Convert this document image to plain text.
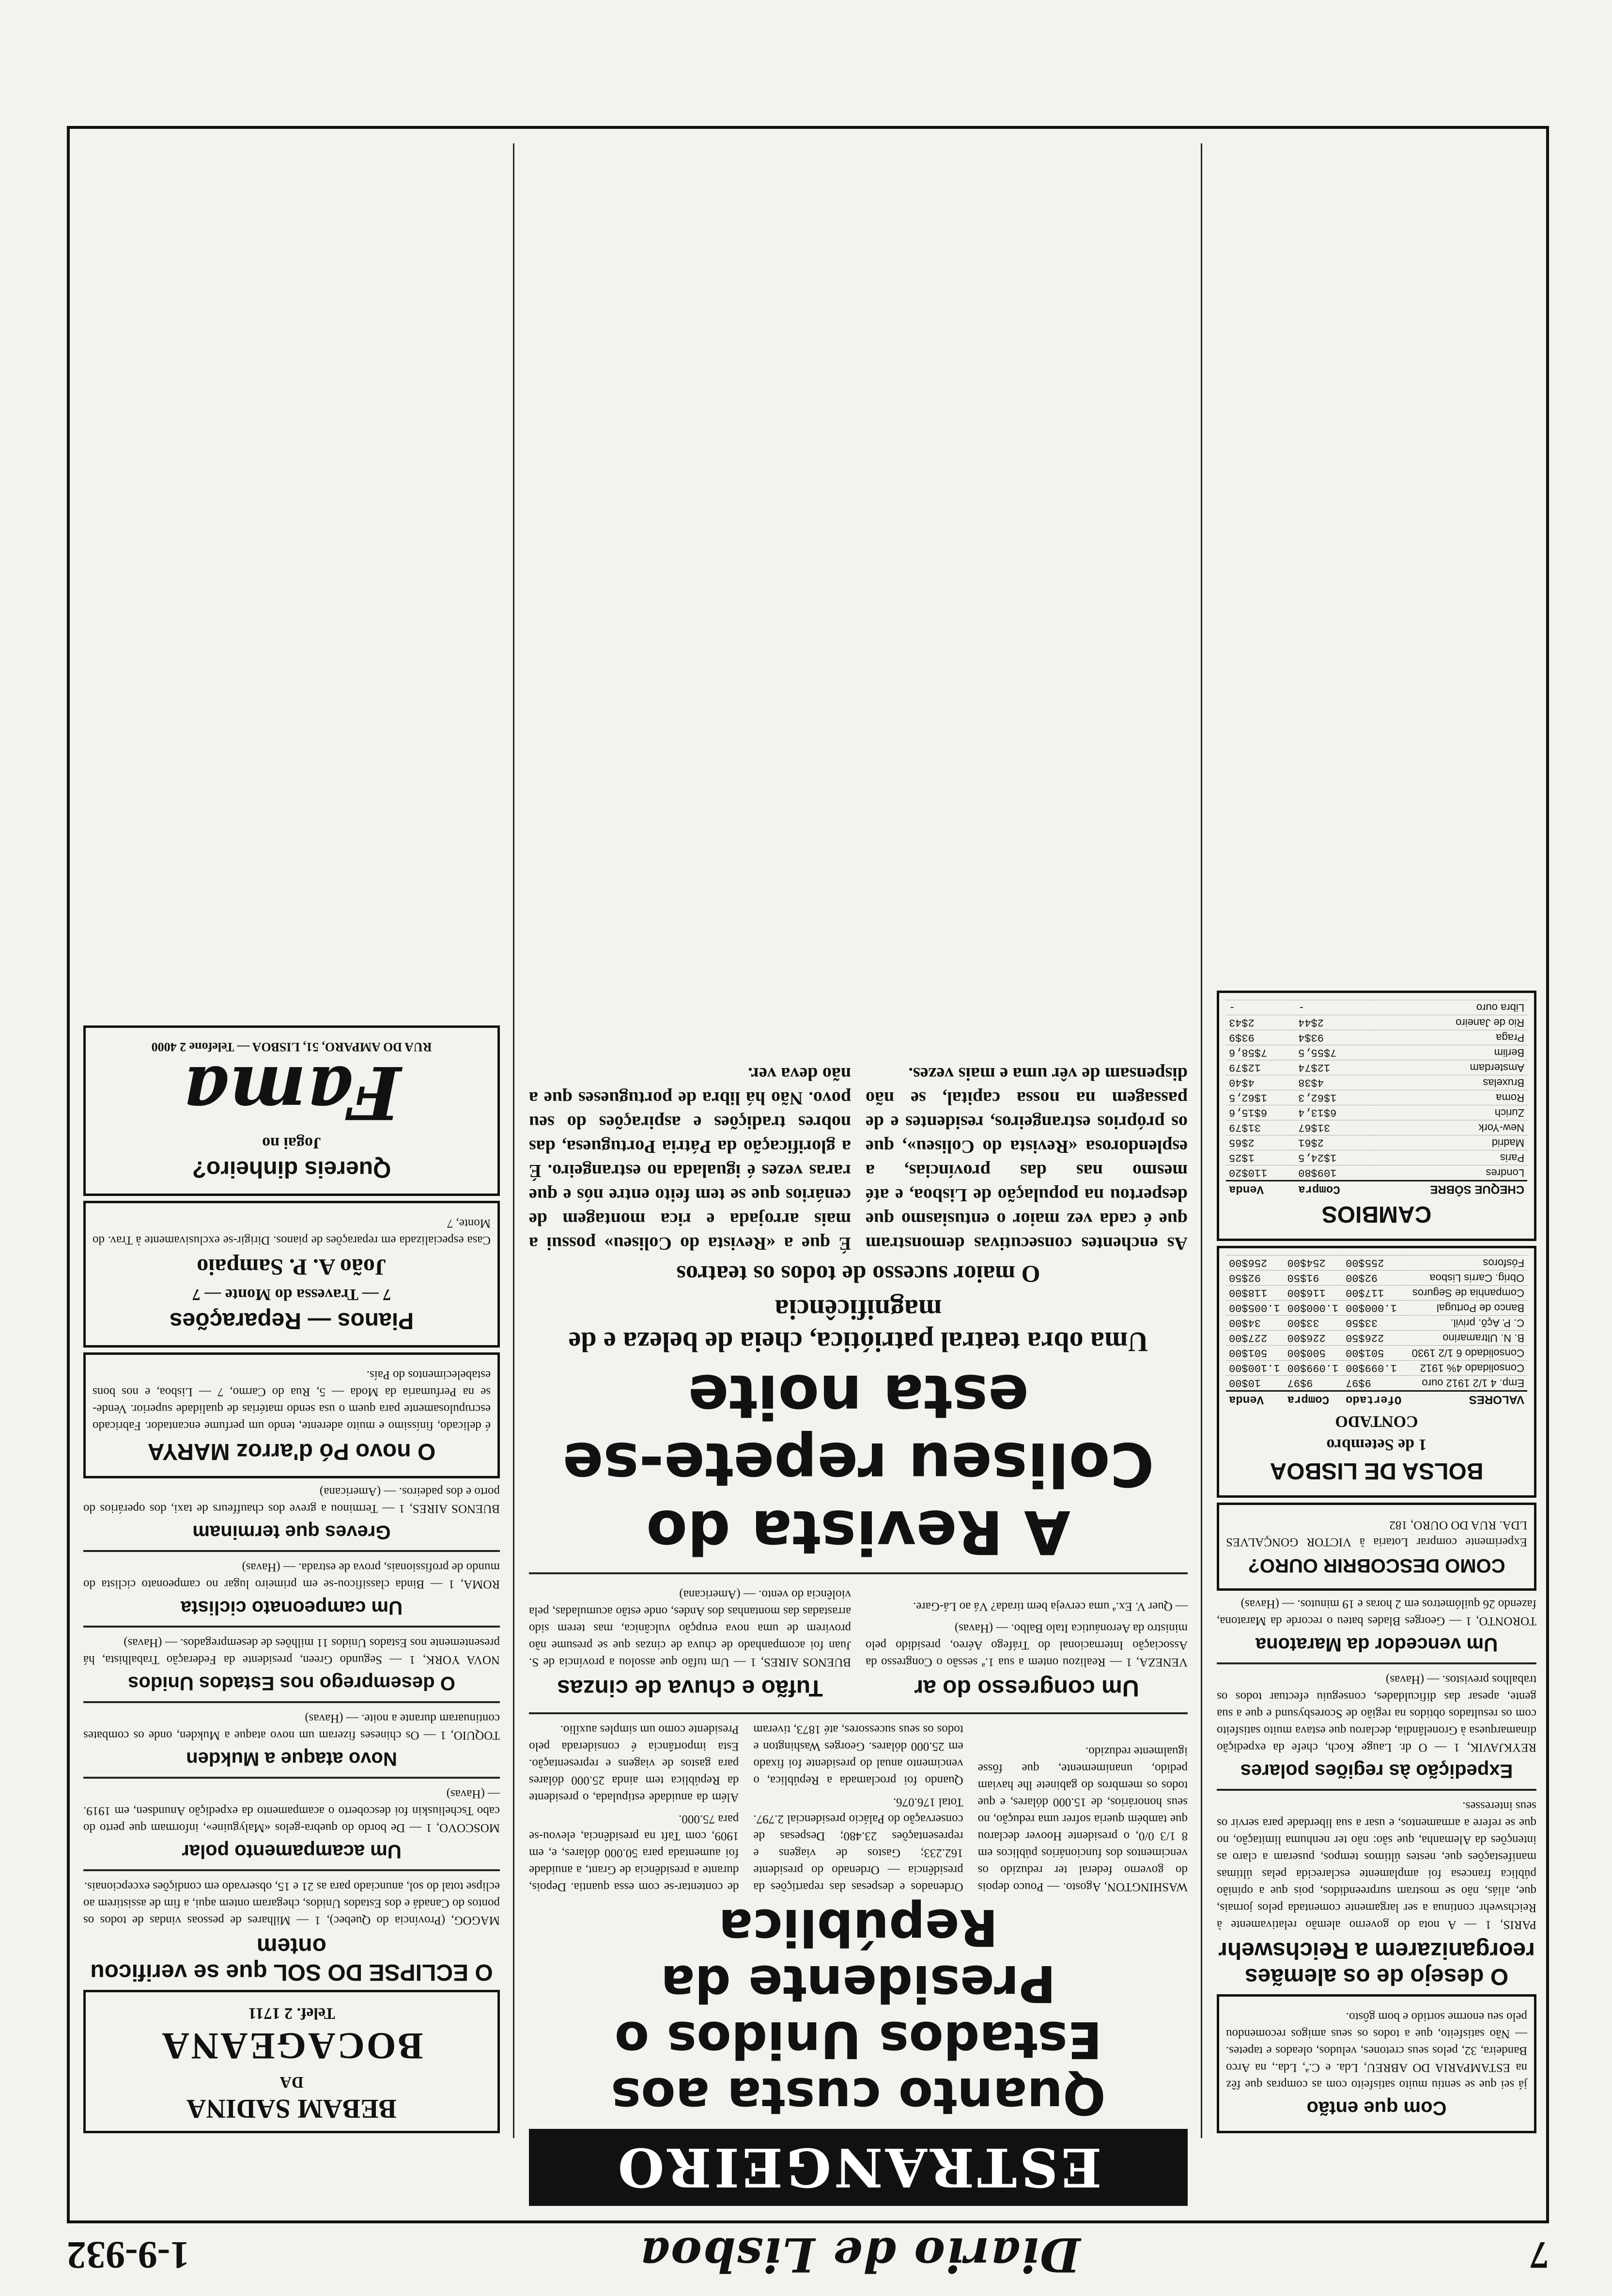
7
Diario de Lisboa
1-9-932
Com que então

já sei que se sentiu muito satisfeito com as compras que fêz na ESTAMPARIA DO ABREU, Lda. e C.ª, Lda., na Arco Bandeira, 32, pelos seus cretones, veludos, oleados e tapetes. — Não satisfeito, que a todos os seus amigos recomendou pelo seu enorme sortido e bom gôsto.

O desejo de os alemães reorganizarem a Reichswehr

PARIS, 1 — A nota do governo alemão relativamente à Reichswehr continua a ser largamente comentada pelos jornais, que, aliás, não se mostram surpreendidos, pois que a opinião pública francesa foi amplamente esclarecida pelas últimas manifestações que, nestes últimos tempos, puseram a claro as intenções da Alemanha, que são: não ter nenhuma limitação, no que se refere a armamentos, e usar a sua liberdade para servir os seus interesses.

Expedição às regiões polares

REYKJAVIK, 1 — O dr. Lauge Koch, chefe da expedição dinamarquesa à Gronelândia, declarou que estava muito satisfeito com os resultados obtidos na região de Scoresbysund e que a sua gente, apesar das dificuldades, conseguiu efectuar todos os trabalhos previstos. — (Havas)

Um vencedor da Maratona

TORONTO, 1 — Georges Blades bateu o recorde da Maratona, fazendo 26 quilómetros em 2 horas e 19 minutos. — (Havas)

COMO DESCOBRIR OURO?

Experimente comprar Lotaria à VICTOR GONÇALVES LDA. RUA DO OURO, 182

BOLSA DE LISBOA
1 de Setembro
CONTADO
VALORES	Ofertado	Compra	Venda
Emp. 4 1/2 1912 ouro	9$97	9$97	10$00
Consolidado 4% 1912	1.099$00	1.099$00	1.100$00
Consolidado 6 1/2 1930	501$00	500$00	501$00
B. N. Ultramarino	226$50	226$00	227$00
C. P. Açõ. privil.	33$50	33$00	34$00
Banco de Portugal	1.000$00	1.000$00	1.005$00
Companhia de Seguros	117$00	116$00	118$00
Obrig. Carris Lisboa	92$00	91$50	92$50
Fósforos	255$00	254$00	256$00
CAMBIOS
CHEQUE SÔBRE	Compra	Venda
Londres	109$80	110$20
Paris	1$24,5	1$25
Madrid	2$61	2$65
New-York	31$67	31$79
Zurich	6$13,4	6$15,6
Roma	1$62,3	1$62,5
Bruxelas	4$38	4$40
Amsterdam	12$74	12$79
Berlim	7$55,5	7$58,6
Praga	93$4	93$9
Rio de Janeiro	2$44	2$43
Libra ouro	-	-
ESTRANGEIRO
Quanto custa aos Estados Unidos o Presidente da República

WASHINGTON, Agosto. — Pouco depois do governo federal ter reduzido os vencimentos dos funcionários públicos em 8 1/3 0/0, o presidente Hoover declarou que também queria sofrer uma redução, no seus honorários, de 15.000 dólares, e que todos os membros do gabinete lhe haviam pedido, unanimemente, que fôsse igualmente reduzido.

Ordenados e despesas das repartições da presidência — Ordenado do presidente 162.233; Gastos de viagens e representações 23.480; Despesas de conservação do Palácio presidencial 2.797. Total 176.076.

Quando foi proclamada a República, o vencimento anual do presidente foi fixado em 25.000 dólares. Georges Washington e todos os seus sucessores, até 1873, tiveram de contentar-se com essa quantia. Depois, durante a presidência de Grant, a anuidade foi aumentada para 50.000 dólares, e, em 1909, com Taft na presidência, elevou-se para 75.000.

Além da anuidade estipulada, o presidente da República tem ainda 25.000 dólares para gastos de viagens e representação. Esta importância é considerada pelo Presidente como um simples auxílio.

Um congresso do ar

VENEZA, 1 — Realizou ontem a sua 1.ª sessão o Congresso da Associação Internacional do Tráfego Aéreo, presidido pelo ministro da Aeronáutica Italo Balbo. — (Havas)

— Quer V. Ex.ª uma cerveja bem tirada? Vá ao Lá-Gare.

Tufão e chuva de cinzas

BUENOS AIRES, 1 — Um tufão que assolou a província de S. Juan foi acompanhado de chuva de cinzas que se presume não provirem de uma nova erupção vulcânica, mas terem sido arrastadas das montanhas dos Andes, onde estão acumuladas, pela violência do vento. — (Americana)

A Revista do Coliseu repete-se esta noite
Uma obra teatral patriótica, cheia de beleza e de magnificência
O maior sucesso de todos os teatros

As enchentes consecutivas demonstram que é cada vez maior o entusiasmo que despertou na população de Lisboa, e até mesmo nas das províncias, a esplendorosa «Revista do Coliseu», que os próprios estrangeiros, residentes e de passagem na nossa capital, se não dispensam de vêr uma e mais vezes.

É que a «Revista do Coliseu» possui a mais arrojada e rica montagem de cenários que se tem feito entre nós e que raras vezes é igualada no estrangeiro. É a glorificação da Pátria Portuguesa, das nobres tradições e aspirações do seu povo. Não há libra de portugueses que a não deva ver.

BEBAM SADINA
DA
BOCAGEANA
Telef. 2 1711
O ECLIPSE DO SOL que se verificou ontem

MAGOG, (Província do Quebec), 1 — Milhares de pessoas vindas de todos os pontos do Canadá e dos Estados Unidos, chegaram ontem aqui, a fim de assistirem ao eclipse total do sol, anunciado para as 21 e 15, observado em condições excepcionais.

Um acampamento polar

MOSCOVO, 1 — De bordo do quebra-gelos «Malyguine», informam que perto do cabo Tscheliuskin foi descoberto o acampamento da expedição Anundsen, em 1919. — (Havas)

Novo ataque a Mukden

TOQUIO, 1 — Os chineses fizeram um novo ataque a Mukden, onde os combates continuaram durante a noite. — (Havas)

O desemprego nos Estados Unidos

NOVA YORK, 1 — Segundo Green, presidente da Federação Trabalhista, há presentemente nos Estados Unidos 11 milhões de desempregados. — (Havas)

Um campeonato ciclista

ROMA, 1 — Binda classificou-se em primeiro lugar no campeonato ciclista do mundo de profissionais, prova de estrada. — (Havas)

Greves que terminam

BUENOS AIRES, 1 — Terminou a greve dos chauffeurs de taxi, dos operários do porto e dos padeiros. — (Americana)

O novo Pó d'arroz MARYA

é delicado, finíssimo e muito aderente, tendo um perfume encantador. Fabricado escrupulosamente para quem o usa sendo matérias de qualidade superior. Vende-se na Perfumaria da Moda — 5, Rua do Carmo, 7 — Lisboa, e nos bons estabelecimentos do País.

Pianos — Reparações
7 — Travessa do Monte — 7
João A. P. Sampaio

Casa especializada em reparações de pianos. Dirigir-se exclusivamente à Trav. do Monte, 7

Quereis dinheiro?
Jogai no
Fama
RUA DO AMPARO, 51, LISBOA — Telefone 2 4000
